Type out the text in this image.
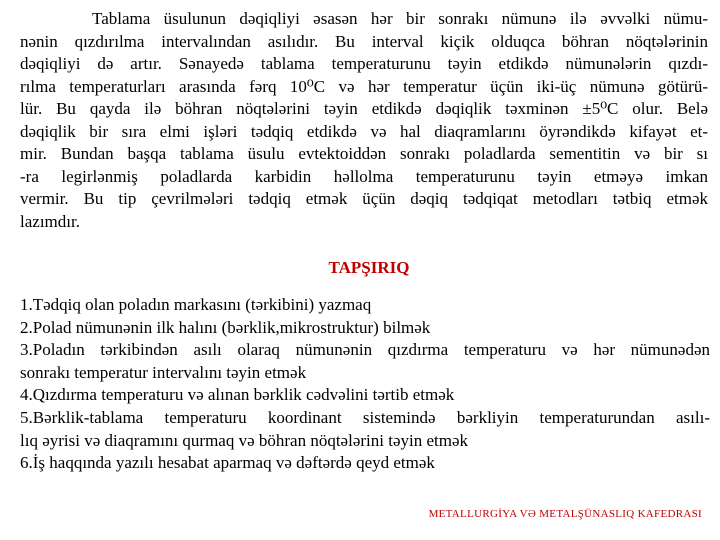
Tablama üsulunun dəqiqliyi əsasən hər bir sonrakı nümunə ilə əvvəlki nümu-
nənin qızdırılma intervalından asılıdır. Bu interval kiçik olduqca böhran nöqtələrinin
dəqiqliyi də artır. Sənayedə tablama temperaturunu təyin etdikdə nümunələrin qızdı-
rılma temperaturları arasında fərq 10⁰C və hər temperatur üçün iki-üç nümunə götürü-
lür. Bu qayda ilə böhran nöqtələrini təyin etdikdə dəqiqlik təxminən ±5⁰C olur. Belə
dəqiqlik bir sıra elmi işləri tədqiq etdikdə və hal diaqramlarını öyrəndikdə kifayət et-
mir. Bundan başqa tablama üsulu evtektoiddən sonrakı poladlarda sementitin və bir sı
-ra legirlənmiş poladlarda karbidin həllolma temperaturunu təyin etməyə imkan
vermir. Bu tip çevrilmələri tədqiq etmək üçün dəqiq tədqiqat metodları tətbiq etmək
lazımdır.
TAPŞIRIQ
1.Tədqiq olan poladın markasını (tərkibini) yazmaq
2.Polad nümunənin ilk halını (bərklik,mikrostruktur) bilmək
3.Poladın tərkibindən asılı olaraq nümunənin qızdırma temperaturu və hər nümunədən
sonrakı temperatur intervalını təyin etmək
4.Qızdırma temperaturu və alınan bərklik cədvəlini tərtib etmək
5.Bərklik-tablama temperaturu koordinant sistemində bərkliyin temperaturundan asılı-
lıq əyrisi və diaqramını qurmaq və böhran nöqtələrini təyin etmək
6.İş haqqında yazılı hesabat aparmaq və dəftərdə qeyd etmək
METALLURGİYA VƏ METALŞÜNASLIQ KAFEDRASI
